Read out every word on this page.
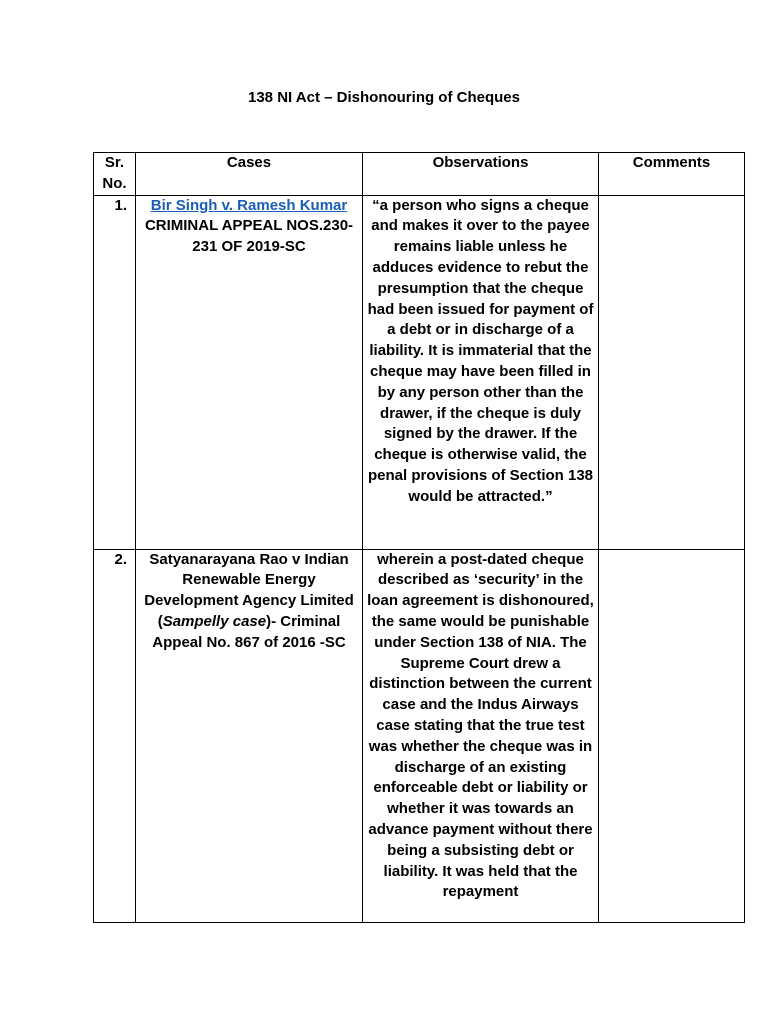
138 NI Act – Dishonouring of Cheques
Sr. No.	Cases	Observations	Comments
1.	Bir Singh v. Ramesh Kumar CRIMINAL APPEAL NOS.230-231 OF 2019-SC	“a person who signs a cheque and makes it over to the payee remains liable unless he adduces evidence to rebut the presumption that the cheque had been issued for payment of a debt or in discharge of a liability. It is immaterial that the cheque may have been filled in by any person other than the drawer, if the cheque is duly signed by the drawer. If the cheque is otherwise valid, the penal provisions of Section 138 would be attracted.”	

2.	Satyanarayana Rao v Indian Renewable Energy Development Agency Limited (Sampelly case)- Criminal Appeal No. 867 of 2016 -SC	wherein a post-dated cheque described as ‘security’ in the loan agreement is dishonoured, the same would be punishable under Section 138 of NIA. The Supreme Court drew a distinction between the current case and the Indus Airways case stating that the true test was whether the cheque was in discharge of an existing enforceable debt or liability or whether it was towards an advance payment without there being a subsisting debt or liability. It was held that the repayment	
